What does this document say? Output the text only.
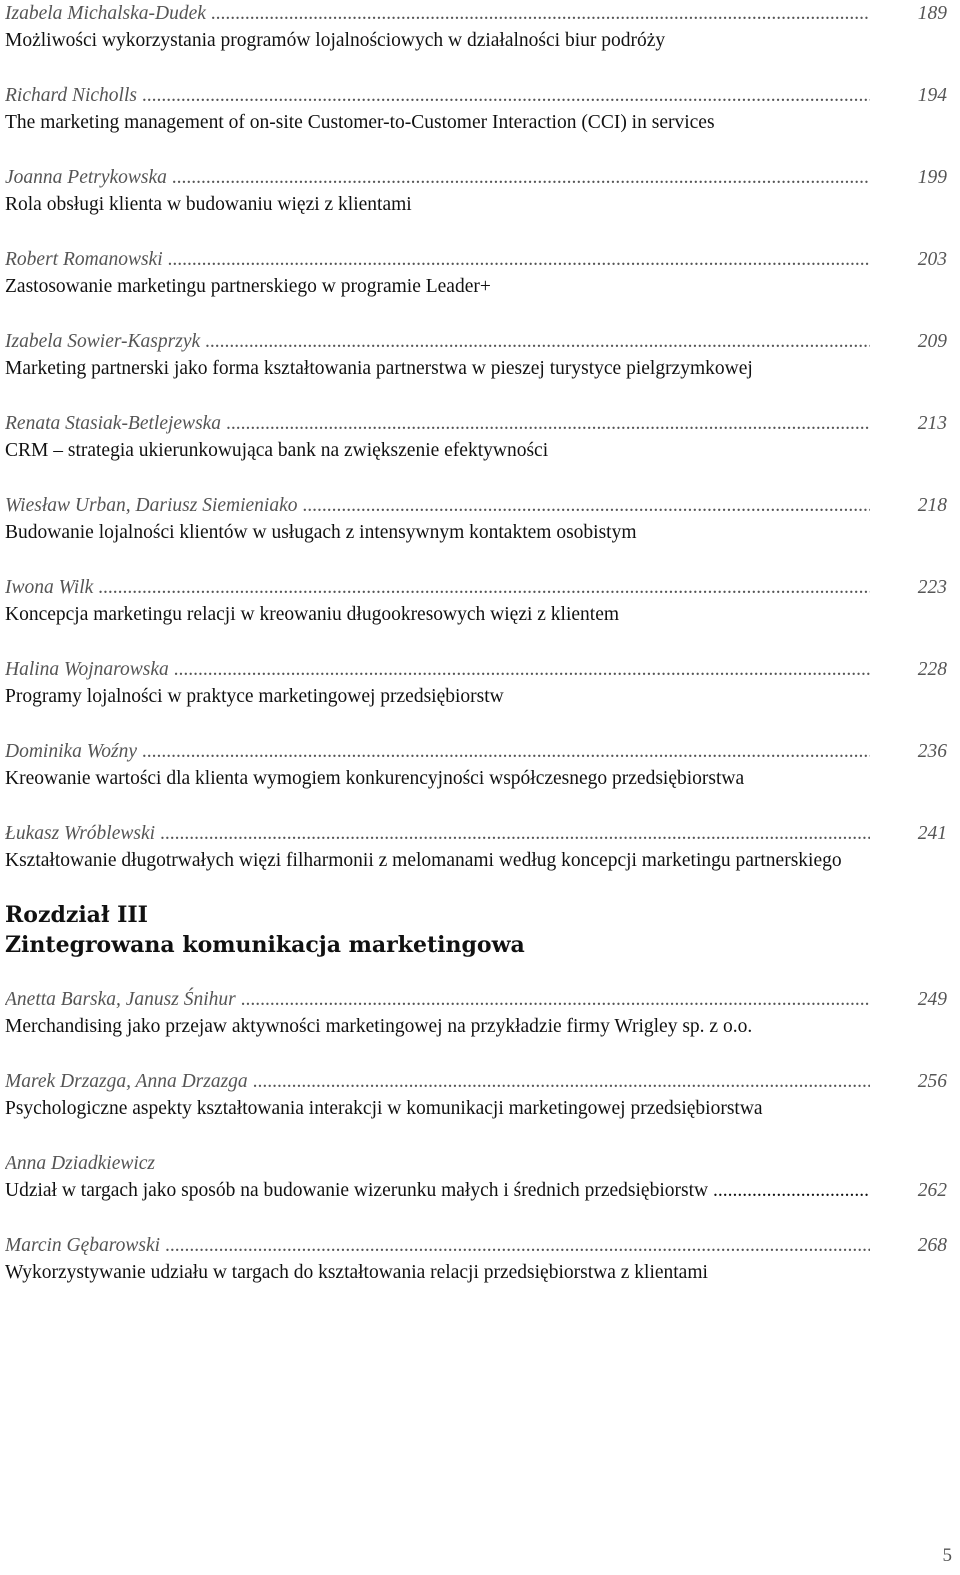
Izabela Michalska-Dudek .....	189
Możliwości wykorzystania programów lojalnościowych w działalności biur podróży
Richard Nicholls .....	194
The marketing management of on-site Customer-to-Customer Interaction (CCI) in services
Joanna Petrykowska .....	199
Rola obsługi klienta w budowaniu więzi z klientami
Robert Romanowski .....	203
Zastosowanie marketingu partnerskiego w programie Leader+
Izabela Sowier-Kasprzyk .....	209
Marketing partnerski jako forma kształtowania partnerstwa w pieszej turystyce pielgrzymkowej
Renata Stasiak-Betlejewska .....	213
CRM – strategia ukierunkowująca bank na zwiększenie efektywności
Wiesław Urban, Dariusz Siemieniako .....	218
Budowanie lojalności klientów w usługach z intensywnym kontaktem osobistym
Iwona Wilk .....	223
Koncepcja marketingu relacji w kreowaniu długookresowych więzi z klientem
Halina Wojnarowska .....	228
Programy lojalności w praktyce marketingowej przedsiębiorstw
Dominika Woźny .....	236
Kreowanie wartości dla klienta wymogiem konkurencyjności współczesnego przedsiębiorstwa
Łukasz Wróblewski .....	241
Kształtowanie długotrwałych więzi filharmonii z melomanami według koncepcji marketingu partnerskiego
Rozdział III
Zintegrowana komunikacja marketingowa
Anetta Barska, Janusz Śnihur .....	249
Merchandising jako przejaw aktywności marketingowej na przykładzie firmy Wrigley sp. z o.o.
Marek Drzazga, Anna Drzazga .....	256
Psychologiczne aspekty kształtowania interakcji w komunikacji marketingowej przedsiębiorstwa
Anna Dziadkiewicz
Udział w targach jako sposób na budowanie wizerunku małych i średnich przedsiębiorstw .....	262
Marcin Gębarowski .....	268
Wykorzystywanie udziału w targach do kształtowania relacji przedsiębiorstwa z klientami
5
